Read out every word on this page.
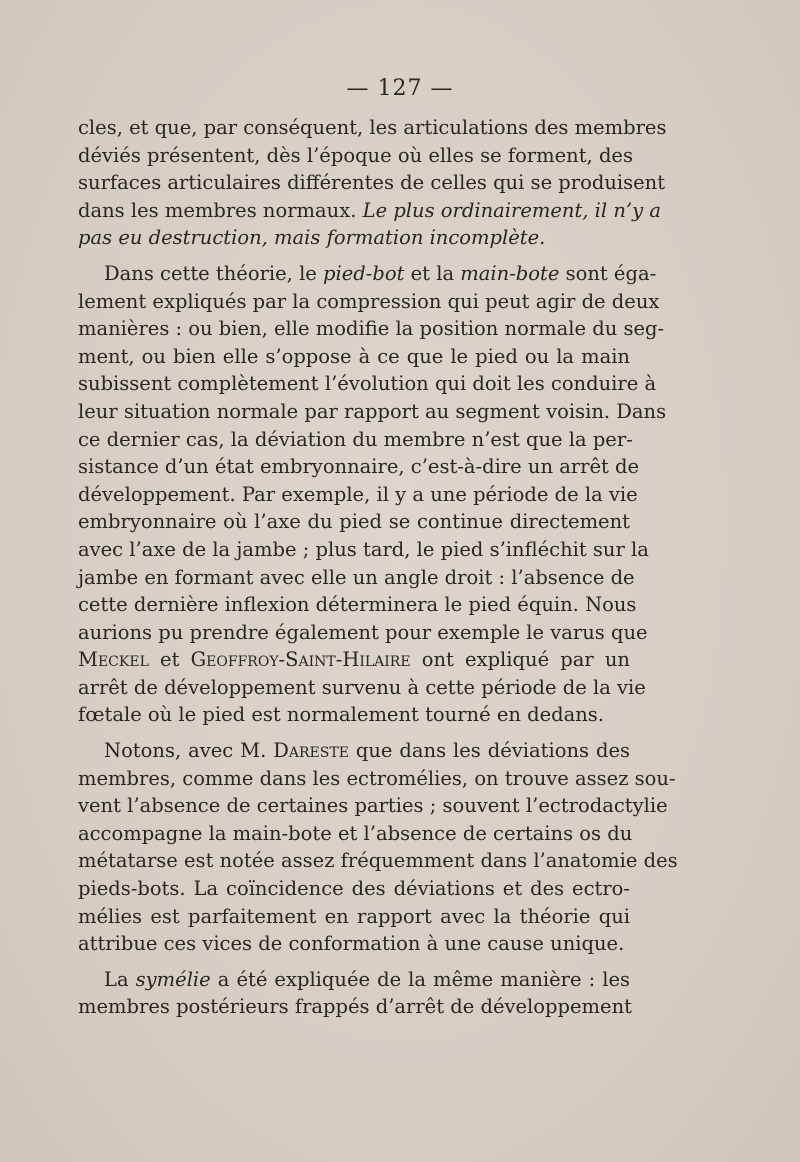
— 127 —
cles, et que, par conséquent, les articulations des membres
déviés présentent, dès l’époque où elles se forment, des
surfaces articulaires différentes de celles qui se produisent
dans les membres normaux. Le plus ordinairement, il n’y a
pas eu destruction, mais formation incomplète.
Dans cette théorie, le pied-bot et la main-bote sont éga-
lement expliqués par la compression qui peut agir de deux
manières : ou bien, elle modifie la position normale du seg-
ment, ou bien elle s’oppose à ce que le pied ou la main
subissent complètement l’évolution qui doit les conduire à
leur situation normale par rapport au segment voisin. Dans
ce dernier cas, la déviation du membre n’est que la per-
sistance d’un état embryonnaire, c’est-à-dire un arrêt de
développement. Par exemple, il y a une période de la vie
embryonnaire où l’axe du pied se continue directement
avec l’axe de la jambe ; plus tard, le pied s’infléchit sur la
jambe en formant avec elle un angle droit : l’absence de
cette dernière inflexion déterminera le pied équin. Nous
aurions pu prendre également pour exemple le varus que
Meckel et Geoffroy-Saint-Hilaire ont expliqué par un
arrêt de développement survenu à cette période de la vie
fœtale où le pied est normalement tourné en dedans.
Notons, avec M. Dareste que dans les déviations des
membres, comme dans les ectromélies, on trouve assez sou-
vent l’absence de certaines parties ; souvent l’ectrodactylie
accompagne la main-bote et l’absence de certains os du
métatarse est notée assez fréquemment dans l’anatomie des
pieds-bots. La coïncidence des déviations et des ectro-
mélies est parfaitement en rapport avec la théorie qui
attribue ces vices de conformation à une cause unique.
La symélie a été expliquée de la même manière : les
membres postérieurs frappés d’arrêt de développement
